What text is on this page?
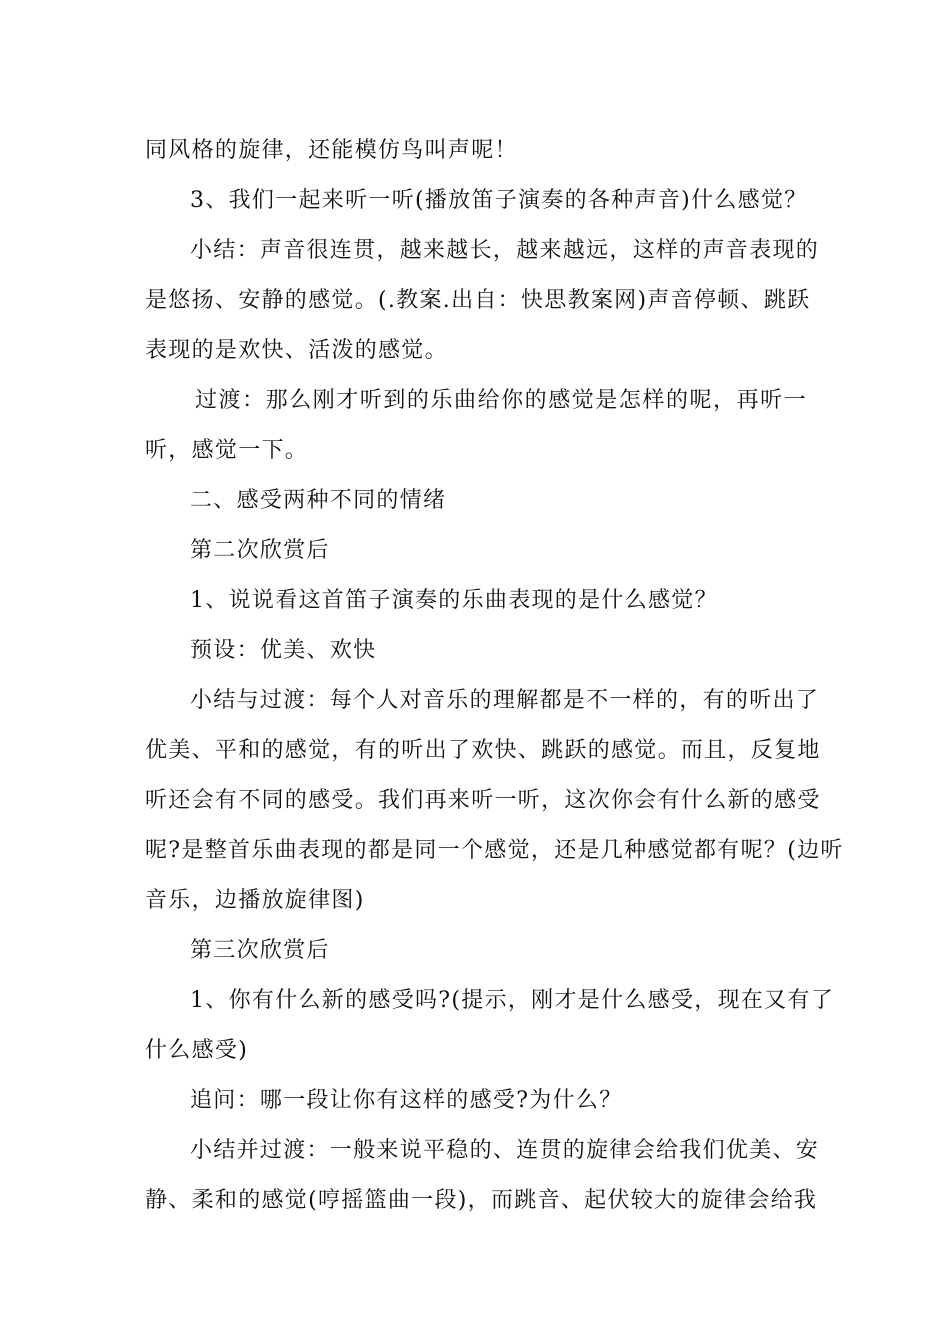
同风格的旋律，还能模仿鸟叫声呢！
3、我们一起来听一听(播放笛子演奏的各种声音)什么感觉？
小结：声音很连贯，越来越长，越来越远，这样的声音表现的
是悠扬、安静的感觉。(.教案.出自：快思教案网)声音停顿、跳跃
表现的是欢快、活泼的感觉。
过渡：那么刚才听到的乐曲给你的感觉是怎样的呢，再听一
听，感觉一下。
二、感受两种不同的情绪
第二次欣赏后
1、说说看这首笛子演奏的乐曲表现的是什么感觉？
预设：优美、欢快
小结与过渡：每个人对音乐的理解都是不一样的，有的听出了
优美、平和的感觉，有的听出了欢快、跳跃的感觉。而且，反复地
听还会有不同的感受。我们再来听一听，这次你会有什么新的感受
呢?是整首乐曲表现的都是同一个感觉，还是几种感觉都有呢？(边听
音乐，边播放旋律图)
第三次欣赏后
1、你有什么新的感受吗?(提示，刚才是什么感受，现在又有了
什么感受)
追问：哪一段让你有这样的感受?为什么？
小结并过渡：一般来说平稳的、连贯的旋律会给我们优美、安
静、柔和的感觉(哼摇篮曲一段)，而跳音、起伏较大的旋律会给我
